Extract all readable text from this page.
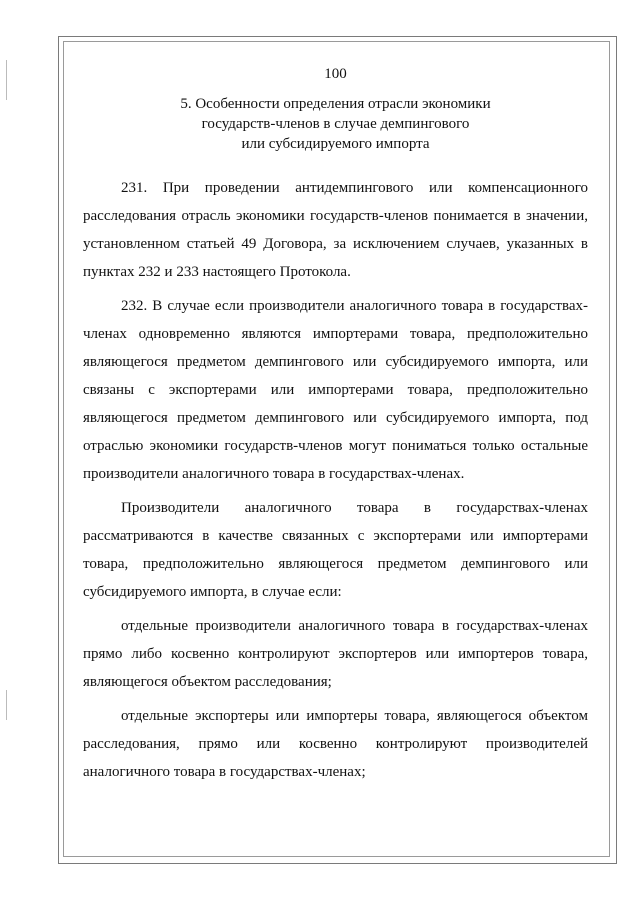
100
5. Особенности определения отрасли экономики
государств-членов в случае демпингового
или субсидируемого импорта

231. При проведении антидемпингового или компенсационного расследования отрасль экономики государств-членов понимается в значении, установленном статьей 49 Договора, за исключением случаев, указанных в пунктах 232 и 233 настоящего Протокола.

232. В случае если производители аналогичного товара в государствах-членах одновременно являются импортерами товара, предположительно являющегося предметом демпингового или субсидируемого импорта, или связаны с экспортерами или импортерами товара, предположительно являющегося предметом демпингового или субсидируемого импорта, под отраслью экономики государств-членов могут пониматься только остальные производители аналогичного товара в государствах-членах.

Производители аналогичного товара в государствах-членах рассматриваются в качестве связанных с экспортерами или импортерами товара, предположительно являющегося предметом демпингового или субсидируемого импорта, в случае если:

отдельные производители аналогичного товара в государствах-членах прямо либо косвенно контролируют экспортеров или импортеров товара, являющегося объектом расследования;

отдельные экспортеры или импортеры товара, являющегося объектом расследования, прямо или косвенно контролируют производителей аналогичного товара в государствах-членах;
